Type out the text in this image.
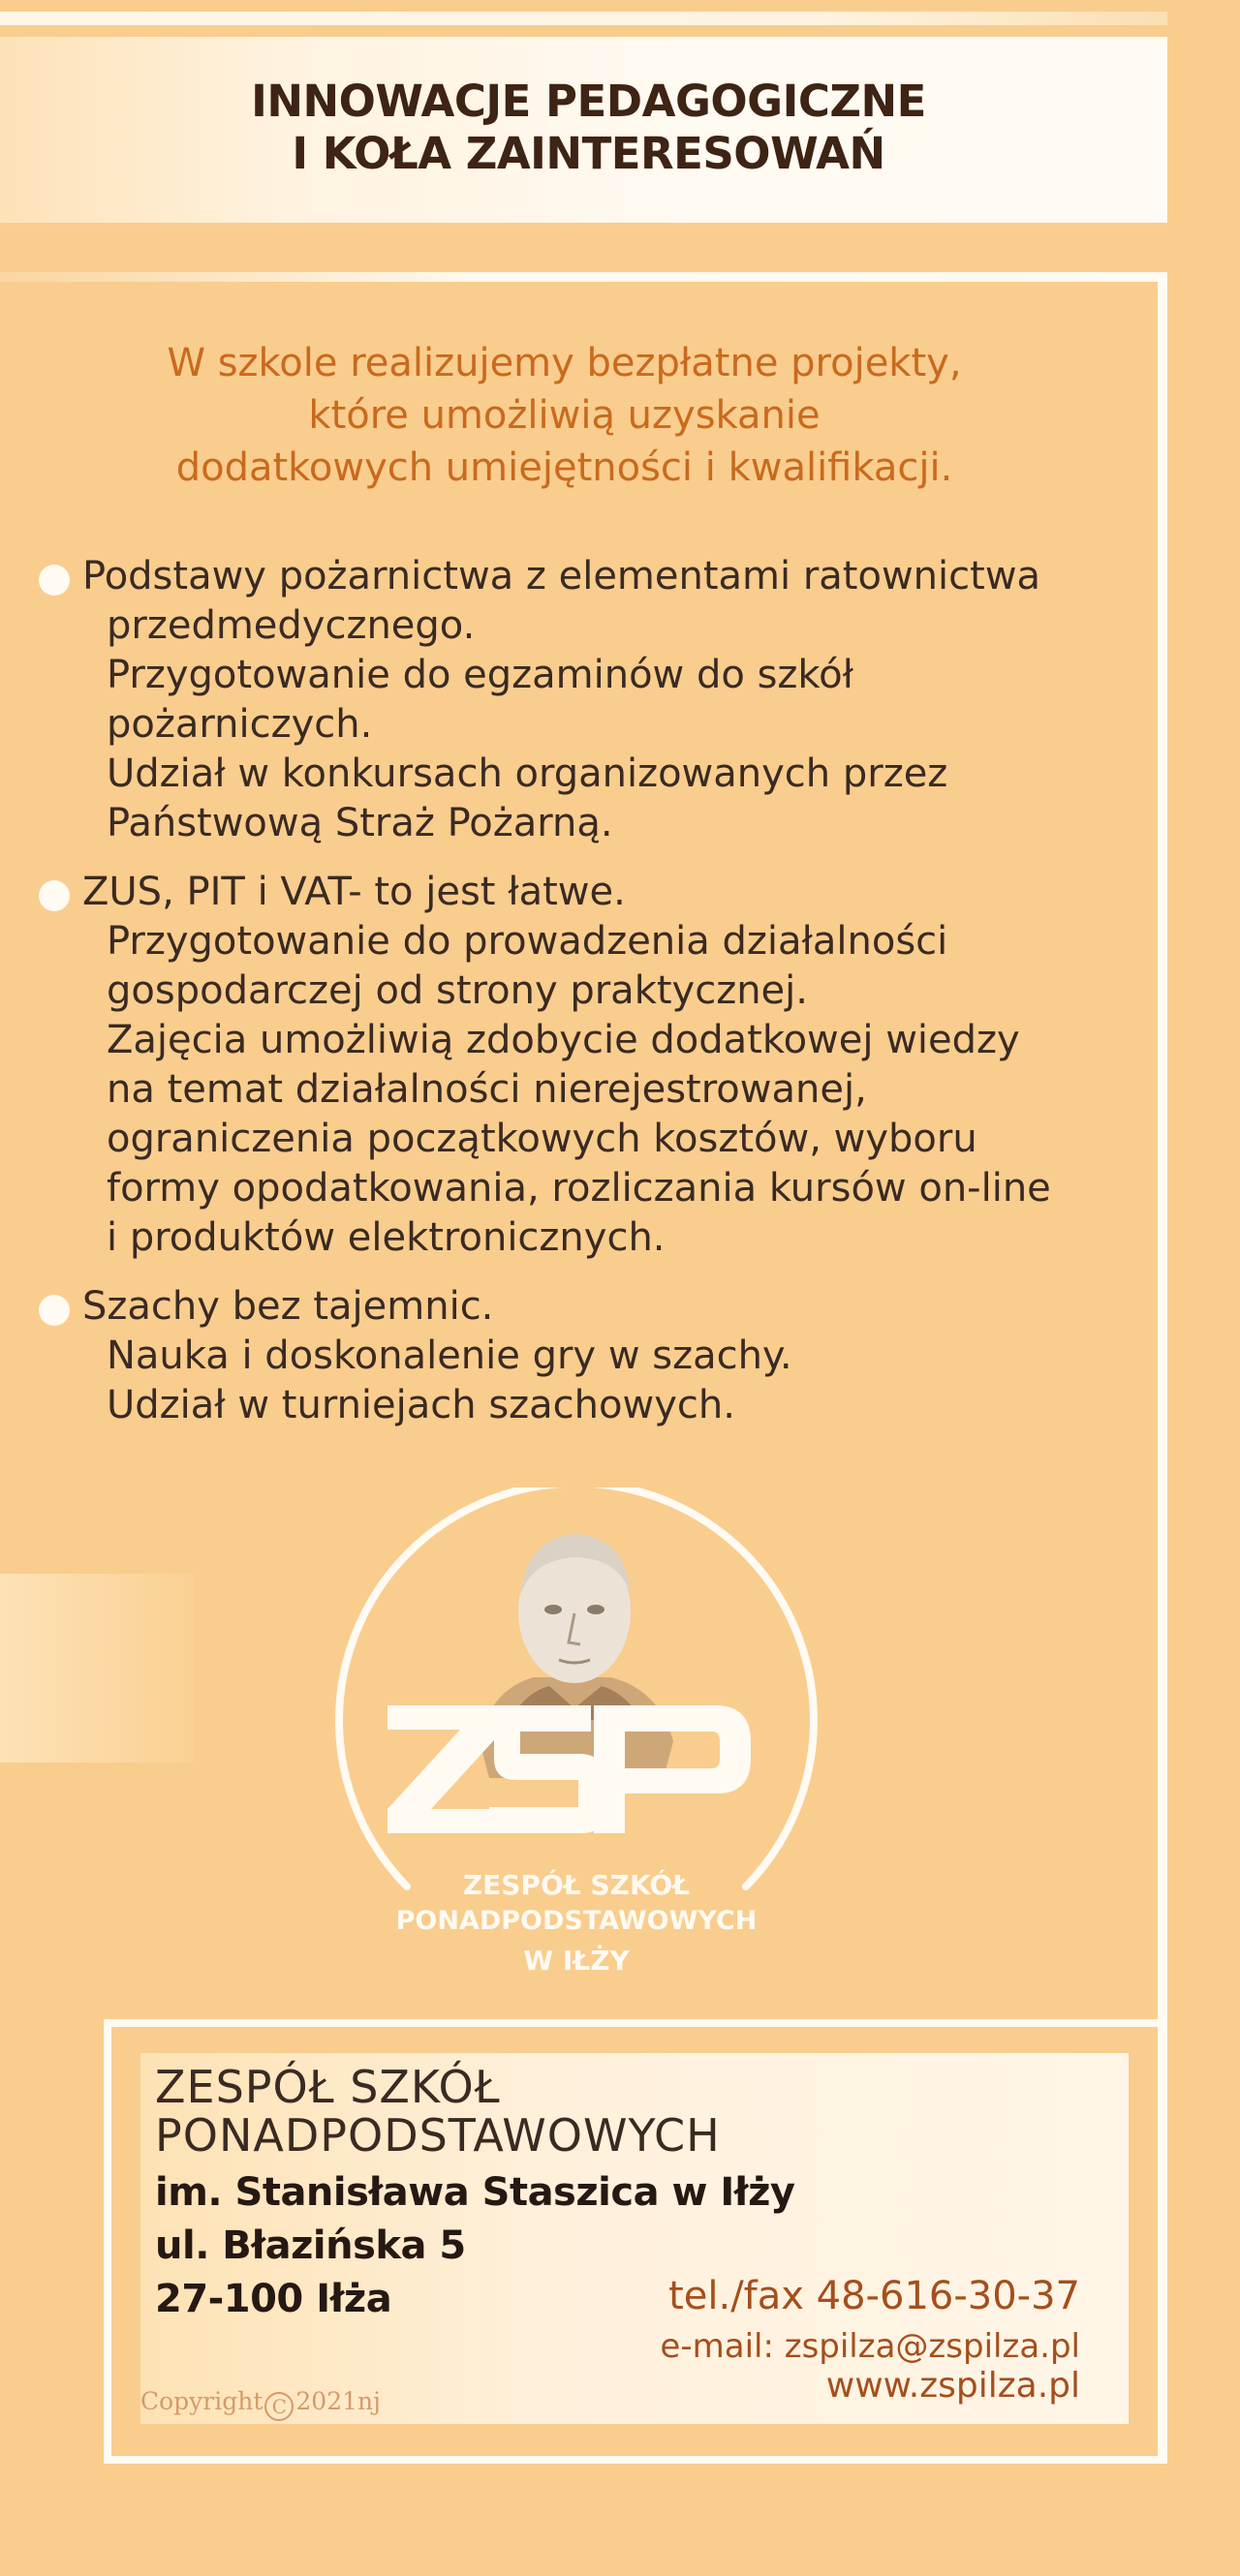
INNOWACJE PEDAGOGICZNE
I KOŁA ZAINTERESOWAŃ

W szkole realizujemy bezpłatne projekty,

które umożliwią uzyskanie

dodatkowych umiejętności i kwalifikacji.

Podstawy pożarnictwa z elementami ratownictwa
przedmedycznego.
Przygotowanie do egzaminów do szkół
pożarniczych.
Udział w konkursach organizowanych przez
Państwową Straż Pożarną.
ZUS, PIT i VAT- to jest łatwe.
Przygotowanie do prowadzenia działalności
gospodarczej od strony praktycznej.
Zajęcia umożliwią zdobycie dodatkowej wiedzy
na temat działalności nierejestrowanej,
ograniczenia początkowych kosztów, wyboru
formy opodatkowania, rozliczania kursów on-line
i produktów elektronicznych.
Szachy bez tajemnic.
Nauka i doskonalenie gry w szachy.
Udział w turniejach szachowych.
ZESPÓŁ SZKÓŁ
PONADPODSTAWOWYCH
W IŁŻY
ZESPÓŁ SZKÓŁ
PONADPODSTAWOWYCH
im. Stanisława Staszica w Iłży
ul. Błazińska 5
27-100 Iłża	tel./fax 48-616-30-37
e-mail: zspilza@zspilza.pl
www.zspilza.pl
Copyright C 2021nj
